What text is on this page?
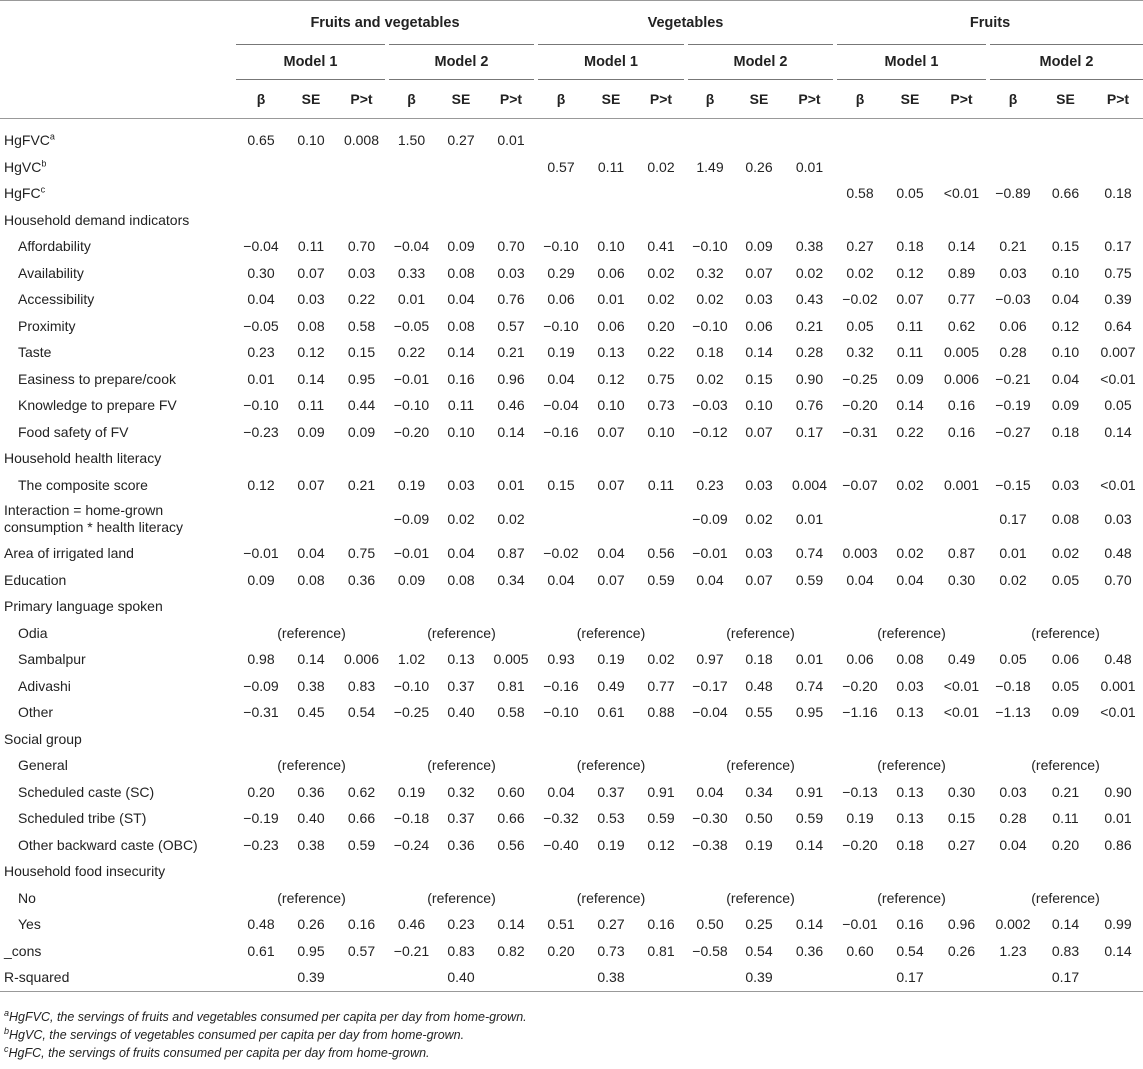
	Fruits and vegetables						Vegetables						Fruits					
	Model 1			Model 2			Model 1			Model 2			Model 1			Model 2		
	β	SE	P>t	β	SE	P>t	β	SE	P>t	β	SE	P>t	β	SE	P>t	β	SE	P>t
HgFVC$^a$	0.65	0.10	0.008	1.50	0.27	0.01												
HgVC$^b$							0.57	0.11	0.02	1.49	0.26	0.01						
HgFC$^c$													0.58	0.05	<0.01	−0.89	0.66	0.18
Household demand indicators																		
Affordability	−0.04	0.11	0.70	−0.04	0.09	0.70	−0.10	0.10	0.41	−0.10	0.09	0.38	0.27	0.18	0.14	0.21	0.15	0.17
Availability	0.30	0.07	0.03	0.33	0.08	0.03	0.29	0.06	0.02	0.32	0.07	0.02	0.02	0.12	0.89	0.03	0.10	0.75
Accessibility	0.04	0.03	0.22	0.01	0.04	0.76	0.06	0.01	0.02	0.02	0.03	0.43	−0.02	0.07	0.77	−0.03	0.04	0.39
Proximity	−0.05	0.08	0.58	−0.05	0.08	0.57	−0.10	0.06	0.20	−0.10	0.06	0.21	0.05	0.11	0.62	0.06	0.12	0.64
Taste	0.23	0.12	0.15	0.22	0.14	0.21	0.19	0.13	0.22	0.18	0.14	0.28	0.32	0.11	0.005	0.28	0.10	0.007
Easiness to prepare/cook	0.01	0.14	0.95	−0.01	0.16	0.96	0.04	0.12	0.75	0.02	0.15	0.90	−0.25	0.09	0.006	−0.21	0.04	<0.01
Knowledge to prepare FV	−0.10	0.11	0.44	−0.10	0.11	0.46	−0.04	0.10	0.73	−0.03	0.10	0.76	−0.20	0.14	0.16	−0.19	0.09	0.05
Food safety of FV	−0.23	0.09	0.09	−0.20	0.10	0.14	−0.16	0.07	0.10	−0.12	0.07	0.17	−0.31	0.22	0.16	−0.27	0.18	0.14
Household health literacy																		
The composite score	0.12	0.07	0.21	0.19	0.03	0.01	0.15	0.07	0.11	0.23	0.03	0.004	−0.07	0.02	0.001	−0.15	0.03	<0.01
Interaction = home-grown
consumption * health literacy				−0.09	0.02	0.02				−0.09	0.02	0.01				0.17	0.08	0.03
Area of irrigated land	−0.01	0.04	0.75	−0.01	0.04	0.87	−0.02	0.04	0.56	−0.01	0.03	0.74	0.003	0.02	0.87	0.01	0.02	0.48
Education	0.09	0.08	0.36	0.09	0.08	0.34	0.04	0.07	0.59	0.04	0.07	0.59	0.04	0.04	0.30	0.02	0.05	0.70
Primary language spoken																		
Odia	(reference)			(reference)			(reference)			(reference)			(reference)			(reference)		
Sambalpur	0.98	0.14	0.006	1.02	0.13	0.005	0.93	0.19	0.02	0.97	0.18	0.01	0.06	0.08	0.49	0.05	0.06	0.48
Adivashi	−0.09	0.38	0.83	−0.10	0.37	0.81	−0.16	0.49	0.77	−0.17	0.48	0.74	−0.20	0.03	<0.01	−0.18	0.05	0.001
Other	−0.31	0.45	0.54	−0.25	0.40	0.58	−0.10	0.61	0.88	−0.04	0.55	0.95	−1.16	0.13	<0.01	−1.13	0.09	<0.01
Social group																		
General	(reference)			(reference)			(reference)			(reference)			(reference)			(reference)		
Scheduled caste (SC)	0.20	0.36	0.62	0.19	0.32	0.60	0.04	0.37	0.91	0.04	0.34	0.91	−0.13	0.13	0.30	0.03	0.21	0.90
Scheduled tribe (ST)	−0.19	0.40	0.66	−0.18	0.37	0.66	−0.32	0.53	0.59	−0.30	0.50	0.59	0.19	0.13	0.15	0.28	0.11	0.01
Other backward caste (OBC)	−0.23	0.38	0.59	−0.24	0.36	0.56	−0.40	0.19	0.12	−0.38	0.19	0.14	−0.20	0.18	0.27	0.04	0.20	0.86
Household food insecurity																		
No	(reference)			(reference)			(reference)			(reference)			(reference)			(reference)		
Yes	0.48	0.26	0.16	0.46	0.23	0.14	0.51	0.27	0.16	0.50	0.25	0.14	−0.01	0.16	0.96	0.002	0.14	0.99
_cons	0.61	0.95	0.57	−0.21	0.83	0.82	0.20	0.73	0.81	−0.58	0.54	0.36	0.60	0.54	0.26	1.23	0.83	0.14
R-squared		0.39			0.40			0.38			0.39			0.17			0.17	
$^a$HgFVC, the servings of fruits and vegetables consumed per capita per day from home-grown.
$^b$HgVC, the servings of vegetables consumed per capita per day from home-grown.
$^c$HgFC, the servings of fruits consumed per capita per day from home-grown.
